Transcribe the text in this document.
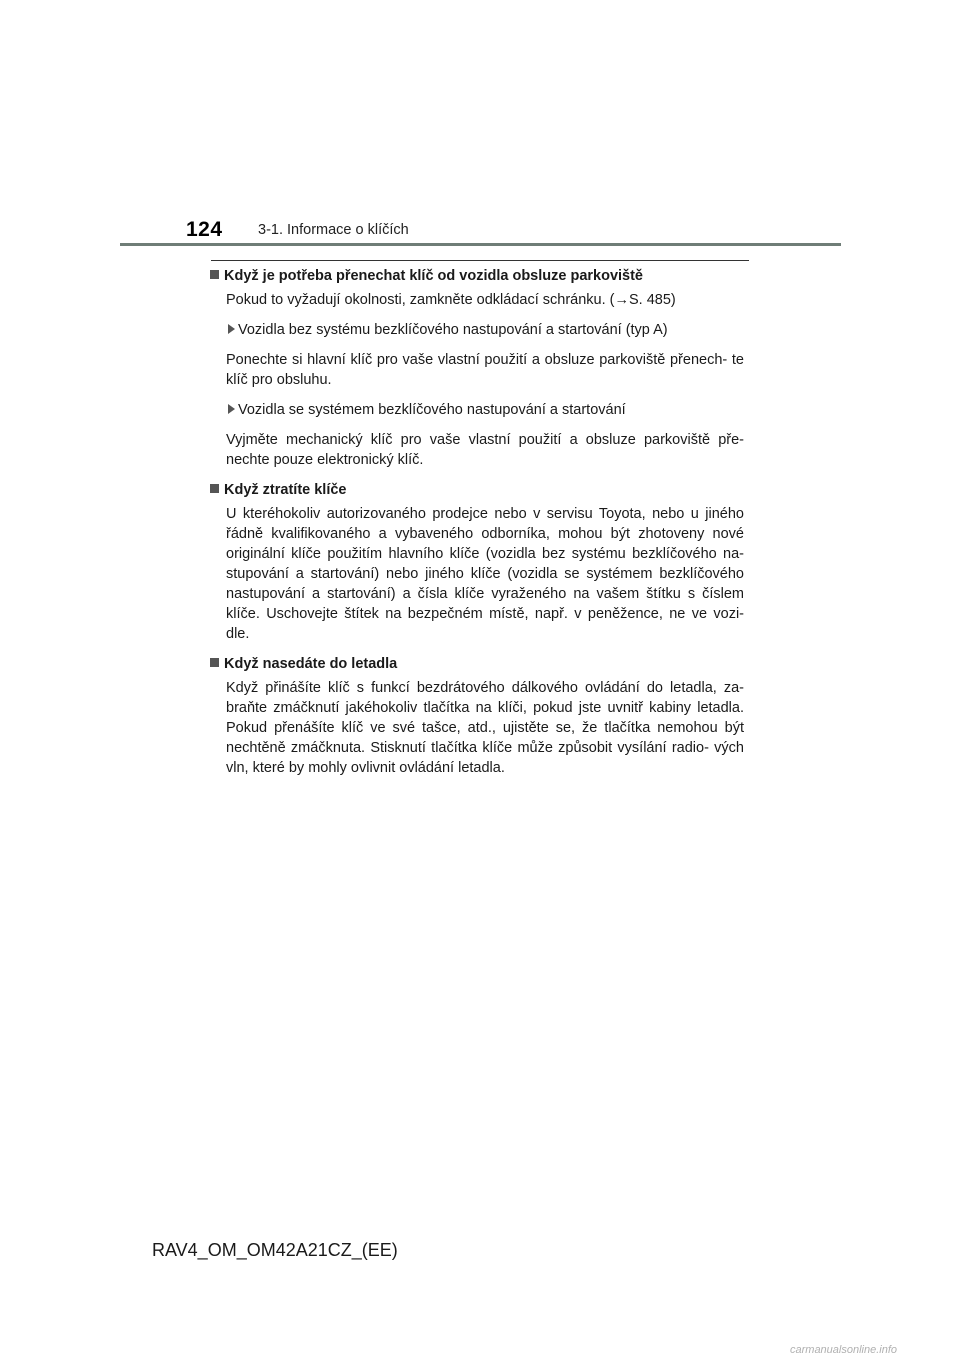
124 3-1. Informace o klíčích

Když je potřeba přenechat klíč od vozidla obsluze parkoviště

Pokud to vyžadují okolnosti, zamkněte odkládací schránku. (→S. 485)

Vozidla bez systému bezklíčového nastupování a startování (typ A)

Ponechte si hlavní klíč pro vaše vlastní použití a obsluze parkoviště přenech- te klíč pro obsluhu.

Vozidla se systémem bezklíčového nastupování a startování

Vyjměte mechanický klíč pro vaše vlastní použití a obsluze parkoviště pře- nechte pouze elektronický klíč.

Když ztratíte klíče

U kteréhokoliv autorizovaného prodejce nebo v servisu Toyota, nebo u jiného řádně kvalifikovaného a vybaveného odborníka, mohou být zhotoveny nové originální klíče použitím hlavního klíče (vozidla bez systému bezklíčového na- stupování a startování) nebo jiného klíče (vozidla se systémem bezklíčového nastupování a startování) a čísla klíče vyraženého na vašem štítku s číslem klíče. Uschovejte štítek na bezpečném místě, např. v peněžence, ne ve vozi- dle.

Když nasedáte do letadla

Když přinášíte klíč s funkcí bezdrátového dálkového ovládání do letadla, za- braňte zmáčknutí jakéhokoliv tlačítka na klíči, pokud jste uvnitř kabiny letadla. Pokud přenášíte klíč ve své tašce, atd., ujistěte se, že tlačítka nemohou být nechtěně zmáčknuta. Stisknutí tlačítka klíče může způsobit vysílání radio- vých vln, které by mohly ovlivnit ovládání letadla.

RAV4_OM_OM42A21CZ_(EE)
carmanualsonline.info
